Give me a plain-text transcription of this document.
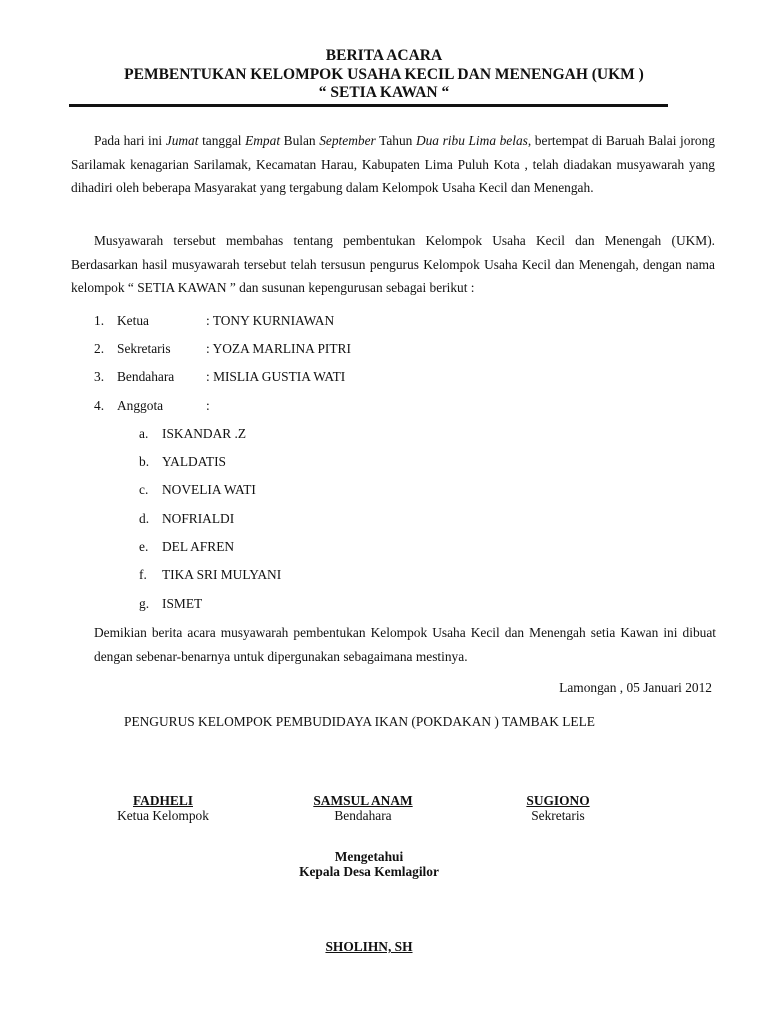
BERITA ACARA
PEMBENTUKAN KELOMPOK USAHA KECIL DAN MENENGAH (UKM )
“ SETIA KAWAN “
Pada hari ini Jumat tanggal Empat Bulan September Tahun Dua ribu Lima belas, bertempat di Baruah Balai jorong Sarilamak kenagarian Sarilamak, Kecamatan Harau, Kabupaten Lima Puluh Kota , telah diadakan musyawarah yang dihadiri oleh beberapa Masyarakat yang tergabung dalam Kelompok Usaha Kecil dan Menengah.
Musyawarah tersebut membahas tentang pembentukan Kelompok Usaha Kecil dan Menengah (UKM). Berdasarkan hasil musyawarah tersebut telah tersusun pengurus Kelompok Usaha Kecil dan Menengah, dengan nama kelompok “ SETIA KAWAN ” dan susunan kepengurusan sebagai berikut :
1. Ketua	: TONY KURNIAWAN
2. Sekretaris	: YOZA MARLINA PITRI
3. Bendahara : MISLIA GUSTIA WATI
4. Anggota	:
a. ISKANDAR .Z
b. YALDATIS
c. NOVELIA WATI
d. NOFRIALDI
e. DEL AFREN
f. TIKA SRI MULYANI
g. ISMET
Demikian berita acara musyawarah pembentukan Kelompok Usaha Kecil dan Menengah setia Kawan ini dibuat dengan sebenar-benarnya untuk dipergunakan sebagaimana mestinya.
Lamongan , 05 Januari 2012
PENGURUS KELOMPOK PEMBUDIDAYA IKAN (POKDAKAN ) TAMBAK LELE
FADHELI
Ketua Kelompok
SAMSUL ANAM
Bendahara
SUGIONO
Sekretaris
Mengetahui
Kepala Desa Kemlagilor
SHOLIHN, SH
